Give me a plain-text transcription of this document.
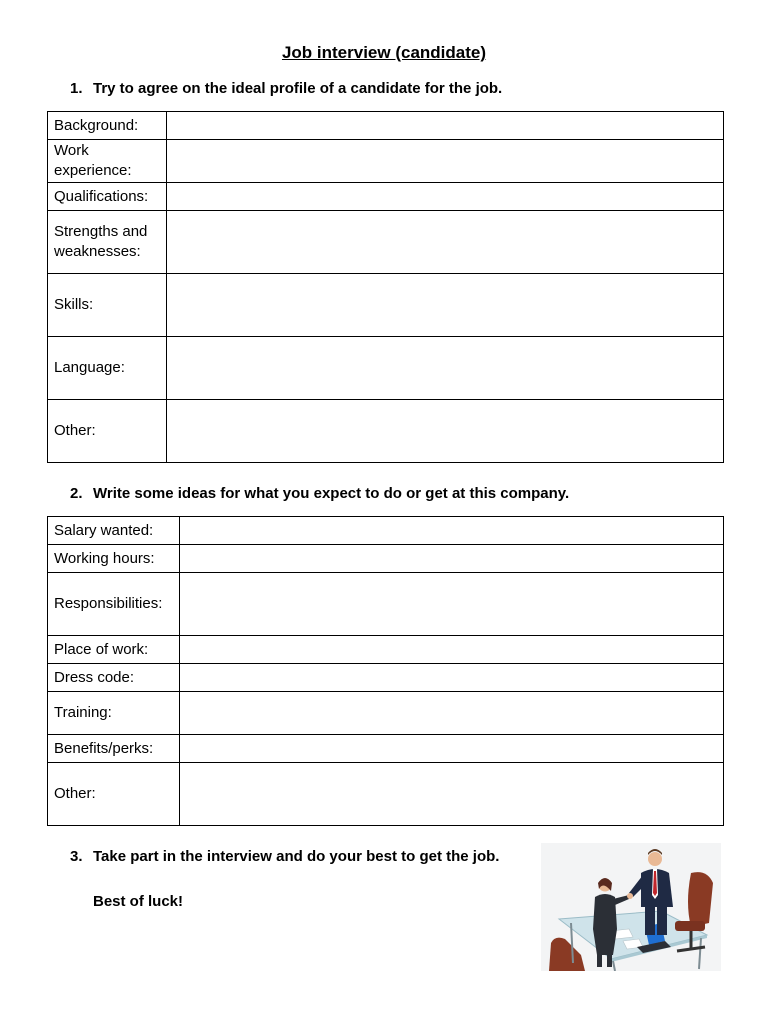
Job interview (candidate)
1. Try to agree on the ideal profile of a candidate for the job.
Background:	
Work experience:	
Qualifications:	
Strengths and weaknesses:	
Skills:	
Language:	
Other:	
2. Write some ideas for what you expect to do or get at this company.
Salary wanted:	
Working hours:	
Responsibilities:	
Place of work:	
Dress code:	
Training:	
Benefits/perks:	
Other:	
3. Take part in the interview and do your best to get the job.
Best of luck!
